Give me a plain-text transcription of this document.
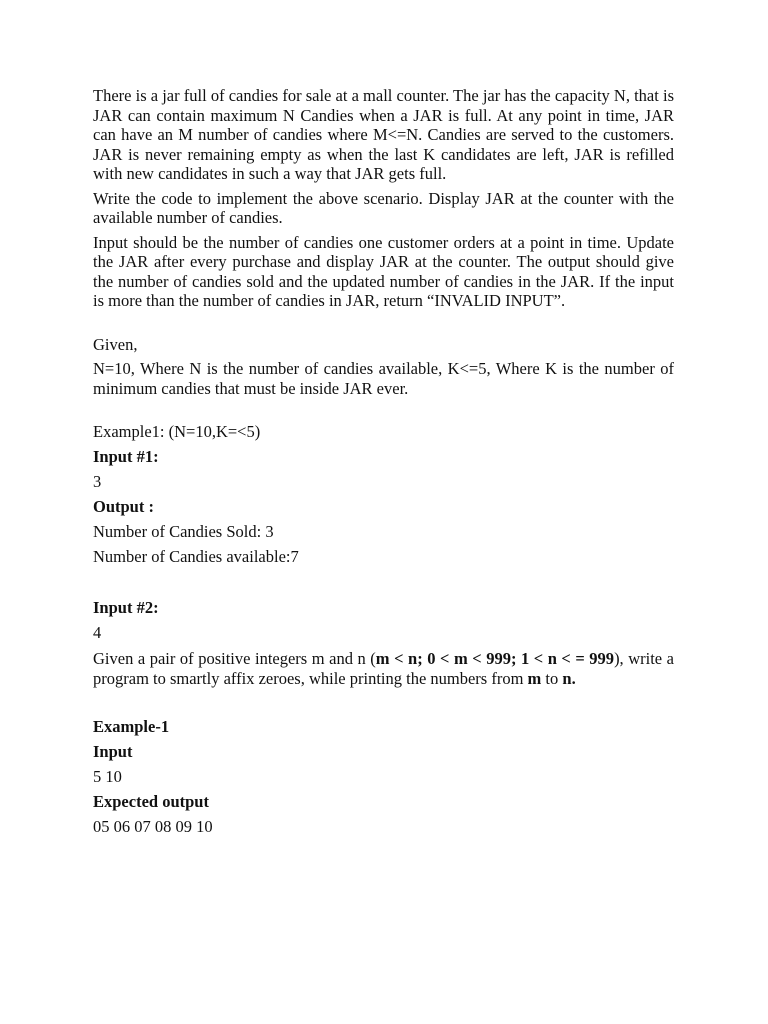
There is a jar full of candies for sale at a mall counter. The jar has the capacity N, that is JAR can contain maximum N Candies when a JAR is full. At any point in time, JAR can have an M number of candies where M<=N. Candies are served to the customers. JAR is never remaining empty as when the last K candidates are left, JAR is refilled with new candidates in such a way that JAR gets full.

Write the code to implement the above scenario. Display JAR at the counter with the available number of candies.

Input should be the number of candies one customer orders at a point in time. Update the JAR after every purchase and display JAR at the counter. The output should give the number of candies sold and the updated number of candies in the JAR. If the input is more than the number of candies in JAR, return “INVALID INPUT”.

Given,

N=10, Where N is the number of candies available, K<=5, Where K is the number of minimum candies that must be inside JAR ever.

Example1: (N=10,K=<5)

Input #1:

3

Output :

Number of Candies Sold: 3

Number of Candies available:7

Input #2:

4

Given a pair of positive integers m and n (m < n; 0 < m < 999; 1 < n < = 999), write a program to smartly affix zeroes, while printing the numbers from m to n.

Example-1

Input

5 10

Expected output

05 06 07 08 09 10
